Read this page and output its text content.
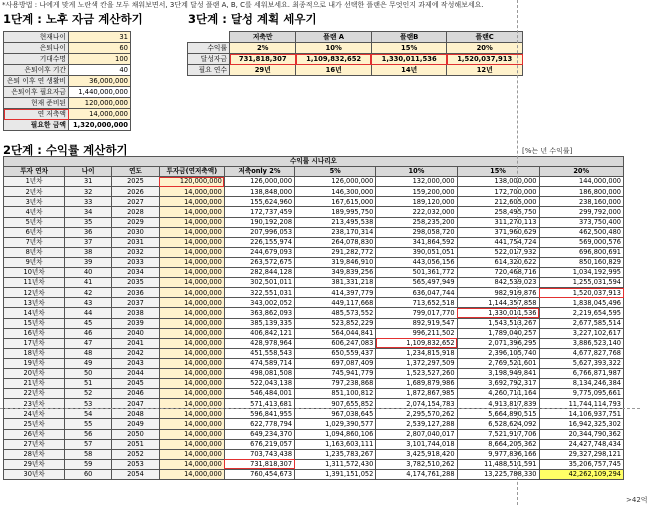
*사용방법 : 나에게 맞게 노란색 칸을 모두 채워보면서, 3단계 달성 플랜 A, B, C를 세워보세요. 최종적으로 내가 선택한 플랜은 무엇인지 과제에 작성해보세요.
1단계 : 노후 자금 계산하기
현재나이	31
은퇴나이	60
기대수명	100
은퇴이후 기간	40
은퇴 이후 연 생활비	36,000,000
은퇴이후 필요자금	1,440,000,000
현재 준비된	120,000,000
연 저축액	14,000,000
필요한 금액	1,320,000,000
3단계 : 달성 계획 세우기
	저축만	플랜 A	플랜B	플랜C
수익률	2%	10%	15%	20%
달성자금	731,818,307	1,109,832,652	1,330,011,536	1,520,037,913
필요 연수	29년	16년	14년	12년
2단계 : 수익률 계산하기	[%는 년 수익률]
수익률 시나리오								
투자 연차	나이	연도	투자금(연저축액)	저축only 2%	5%	10%	15%	20%
1년차	31	2025	120,000,000	126,000,000	126,000,000	132,000,000	138,000,000	144,000,000
2년차	32	2026	14,000,000	138,848,000	146,300,000	159,200,000	172,700,000	186,800,000
3년차	33	2027	14,000,000	155,624,960	167,615,000	189,120,000	212,605,000	238,160,000
4년차	34	2028	14,000,000	172,737,459	189,995,750	222,032,000	258,495,750	299,792,000
5년차	35	2029	14,000,000	190,192,208	213,495,538	258,235,200	311,270,113	373,750,400
6년차	36	2030	14,000,000	207,996,053	238,170,314	298,058,720	371,960,629	462,500,480
7년차	37	2031	14,000,000	226,155,974	264,078,830	341,864,592	441,754,724	569,000,576
8년차	38	2032	14,000,000	244,679,093	291,282,772	390,051,051	522,017,932	696,800,691
9년차	39	2033	14,000,000	263,572,675	319,846,910	443,056,156	614,320,622	850,160,829
10년차	40	2034	14,000,000	282,844,128	349,839,256	501,361,772	720,468,716	1,034,192,995
11년차	41	2035	14,000,000	302,501,011	381,331,218	565,497,949	842,539,023	1,255,031,594
12년차	42	2036	14,000,000	322,551,031	414,397,779	636,047,744	982,919,876	1,520,037,913
13년차	43	2037	14,000,000	343,002,052	449,117,668	713,652,518	1,144,357,858	1,838,045,496
14년차	44	2038	14,000,000	363,862,093	485,573,552	799,017,770	1,330,011,536	2,219,654,595
15년차	45	2039	14,000,000	385,139,335	523,852,229	892,919,547	1,543,513,267	2,677,585,514
16년차	46	2040	14,000,000	406,842,121	564,044,841	996,211,502	1,789,040,257	3,227,102,617
17년차	47	2041	14,000,000	428,978,964	606,247,083	1,109,832,652	2,071,396,295	3,886,523,140
18년차	48	2042	14,000,000	451,558,543	650,559,437	1,234,815,918	2,396,105,740	4,677,827,768
19년차	49	2043	14,000,000	474,589,714	697,087,409	1,372,297,509	2,769,521,601	5,627,393,322
20년차	50	2044	14,000,000	498,081,508	745,941,779	1,523,527,260	3,198,949,841	6,766,871,987
21년차	51	2045	14,000,000	522,043,138	797,238,868	1,689,879,986	3,692,792,317	8,134,246,384
22년차	52	2046	14,000,000	546,484,001	851,100,812	1,872,867,985	4,260,711,164	9,775,095,661
23년차	53	2047	14,000,000	571,413,681	907,655,852	2,074,154,783	4,913,817,839	11,744,114,793
24년차	54	2048	14,000,000	596,841,955	967,038,645	2,295,570,262	5,664,890,515	14,106,937,751
25년차	55	2049	14,000,000	622,778,794	1,029,390,577	2,539,127,288	6,528,624,092	16,942,325,302
26년차	56	2050	14,000,000	649,234,370	1,094,860,106	2,807,040,017	7,521,917,706	20,344,790,362
27년차	57	2051	14,000,000	676,219,057	1,163,603,111	3,101,744,018	8,664,205,362	24,427,748,434
28년차	58	2052	14,000,000	703,743,438	1,235,783,267	3,425,918,420	9,977,836,166	29,327,298,121
29년차	59	2053	14,000,000	731,818,307	1,311,572,430	3,782,510,262	11,488,511,591	35,206,757,745
30년차	60	2054	14,000,000	760,454,673	1,391,151,052	4,174,761,288	13,225,788,330	42,262,109,294
>42억
